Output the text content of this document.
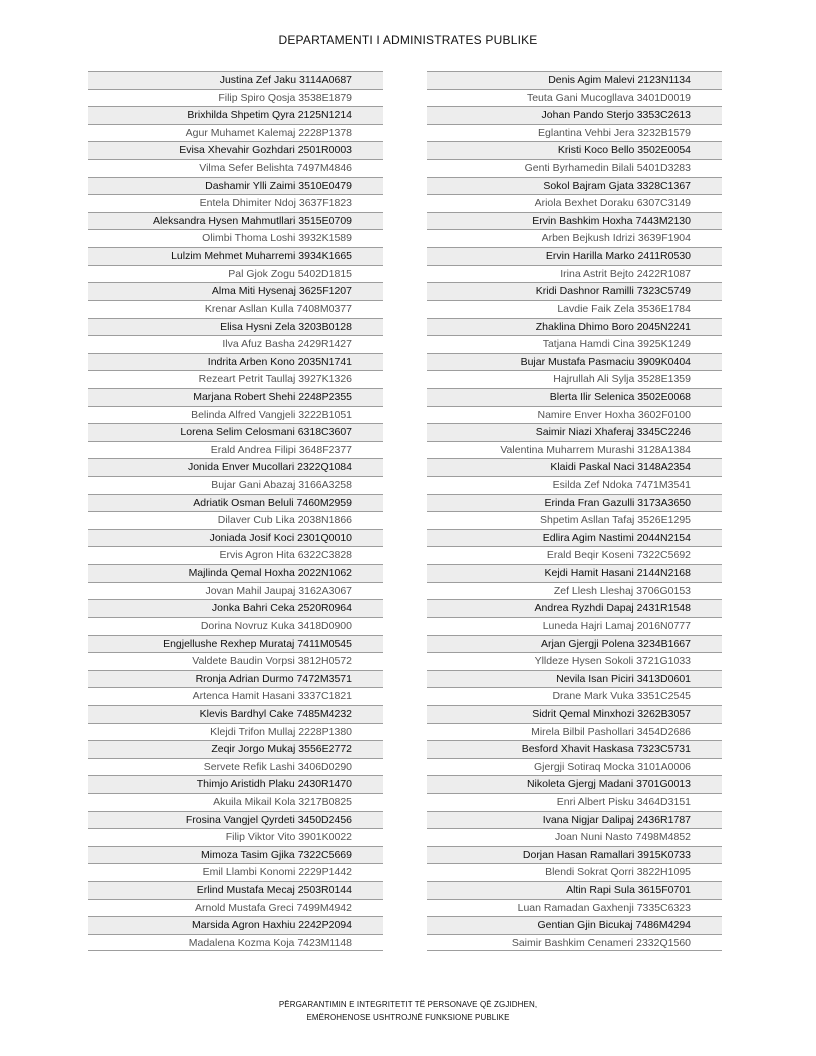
DEPARTAMENTI I ADMINISTRATES PUBLIKE
Justina Zef Jaku 3114A0687
Filip Spiro Qosja 3538E1879
Brixhilda Shpetim Qyra 2125N1214
Agur Muhamet Kalemaj 2228P1378
Evisa Xhevahir Gozhdari 2501R0003
Vilma Sefer Belishta 7497M4846
Dashamir Ylli Zaimi 3510E0479
Entela Dhimiter Ndoj 3637F1823
Aleksandra Hysen Mahmutllari 3515E0709
Olimbi Thoma Loshi 3932K1589
Lulzim Mehmet Muharremi 3934K1665
Pal Gjok Zogu 5402D1815
Alma Miti Hysenaj 3625F1207
Krenar Asllan Kulla 7408M0377
Elisa Hysni Zela 3203B0128
Ilva Afuz Basha 2429R1427
Indrita Arben Kono 2035N1741
Rezeart Petrit Taullaj 3927K1326
Marjana Robert Shehi 2248P2355
Belinda Alfred Vangjeli 3222B1051
Lorena Selim Celosmani 6318C3607
Erald Andrea Filipi 3648F2377
Jonida Enver Mucollari 2322Q1084
Bujar Gani Abazaj 3166A3258
Adriatik Osman Beluli 7460M2959
Dilaver Cub Lika 2038N1866
Joniada Josif Koci 2301Q0010
Ervis Agron Hita 6322C3828
Majlinda Qemal Hoxha 2022N1062
Jovan Mahil Jaupaj 3162A3067
Jonka Bahri Ceka 2520R0964
Dorina Novruz Kuka 3418D0900
Engjellushe Rexhep Murataj 7411M0545
Valdete Baudin Vorpsi 3812H0572
Rronja Adrian Durmo 7472M3571
Artenca Hamit Hasani 3337C1821
Klevis Bardhyl Cake 7485M4232
Klejdi Trifon Mullaj 2228P1380
Zeqir Jorgo Mukaj 3556E2772
Servete Refik Lashi 3406D0290
Thimjo Aristidh Plaku 2430R1470
Akuila Mikail Kola 3217B0825
Frosina Vangjel Qyrdeti 3450D2456
Filip Viktor Vito 3901K0022
Mimoza Tasim Gjika 7322C5669
Emil Llambi Konomi 2229P1442
Erlind Mustafa Mecaj 2503R0144
Arnold Mustafa Greci 7499M4942
Marsida Agron Haxhiu 2242P2094
Madalena Kozma Koja 7423M1148
Denis Agim Malevi 2123N1134
Teuta Gani Mucogllava 3401D0019
Johan Pando Sterjo 3353C2613
Eglantina Vehbi Jera 3232B1579
Kristi Koco Bello 3502E0054
Genti Byrhamedin Bilali 5401D3283
Sokol Bajram Gjata 3328C1367
Ariola Bexhet Doraku 6307C3149
Ervin Bashkim Hoxha 7443M2130
Arben Bejkush Idrizi 3639F1904
Ervin Harilla Marko 2411R0530
Irina Astrit Bejto 2422R1087
Kridi Dashnor Ramilli 7323C5749
Lavdie Faik Zela 3536E1784
Zhaklina Dhimo Boro 2045N2241
Tatjana Hamdi Cina 3925K1249
Bujar Mustafa Pasmaciu 3909K0404
Hajrullah Ali Sylja 3528E1359
Blerta Ilir Selenica 3502E0068
Namire Enver Hoxha 3602F0100
Saimir Niazi Xhaferaj 3345C2246
Valentina Muharrem Murashi 3128A1384
Klaidi Paskal Naci 3148A2354
Esilda Zef Ndoka 7471M3541
Erinda Fran Gazulli 3173A3650
Shpetim Asllan Tafaj 3526E1295
Edlira Agim Nastimi 2044N2154
Erald Beqir Koseni 7322C5692
Kejdi Hamit Hasani 2144N2168
Zef Llesh Lleshaj 3706G0153
Andrea Ryzhdi Dapaj 2431R1548
Luneda Hajri Lamaj 2016N0777
Arjan Gjergji Polena 3234B1667
Ylldeze Hysen Sokoli 3721G1033
Nevila Isan Piciri 3413D0601
Drane Mark Vuka 3351C2545
Sidrit Qemal Minxhozi 3262B3057
Mirela Bilbil Pashollari 3454D2686
Besford Xhavit Haskasa 7323C5731
Gjergji Sotiraq Mocka 3101A0006
Nikoleta Gjergj Madani 3701G0013
Enri Albert Pisku 3464D3151
Ivana Nigjar Dalipaj 2436R1787
Joan Nuni Nasto 7498M4852
Dorjan Hasan Ramallari 3915K0733
Blendi Sokrat Qorri 3822H1095
Altin Rapi Sula 3615F0701
Luan Ramadan Gaxhenji 7335C6323
Gentian Gjin Bicukaj 7486M4294
Saimir Bashkim Cenameri 2332Q1560
PËRGARANTIMIN E INTEGRITETIT TË PERSONAVE QË ZGJIDHEN,
EMËROHENOSE USHTROJNË FUNKSIONE PUBLIKE
